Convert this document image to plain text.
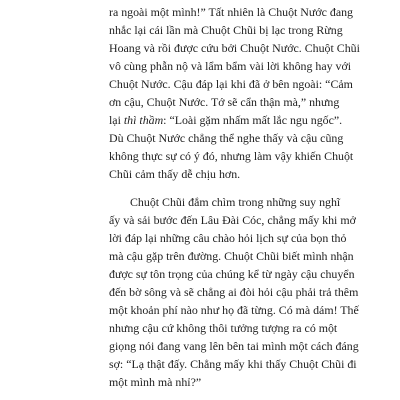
ra ngoài một mình!” Tất nhiên là Chuột Nước đang
nhắc lại cái lần mà Chuột Chũi bị lạc trong Rừng
Hoang và rồi được cứu bởi Chuột Nước. Chuột Chũi
vô cùng phẫn nộ và lẩm bẩm vài lời không hay với
Chuột Nước. Cậu đáp lại khi đã ở bên ngoài: “Cảm
ơn cậu, Chuột Nước. Tớ sẽ cẩn thận mà,” nhưng
lại thì thầm: “Loài gặm nhấm mất lắc ngu ngốc”.
Dù Chuột Nước chẳng thể nghe thấy và cậu cũng
không thực sự có ý đó, nhưng làm vậy khiến Chuột
Chũi cảm thấy dễ chịu hơn.
Chuột Chũi đắm chìm trong những suy nghĩ
ấy và sải bước đến Lâu Đài Cóc, chẳng mấy khi mở
lời đáp lại những câu chào hỏi lịch sự của bọn thỏ
mà cậu gặp trên đường. Chuột Chũi biết mình nhận
được sự tôn trọng của chúng kể từ ngày cậu chuyển
đến bờ sông và sẽ chẳng ai đòi hỏi cậu phải trả thêm
một khoản phí nào như họ đã từng. Có mà dám! Thế
nhưng cậu cứ không thôi tưởng tượng ra có một
giọng nói đang vang lên bên tai mình một cách đáng
sợ: “Lạ thật đấy. Chẳng mấy khi thấy Chuột Chũi đi
một mình mà nhỉ?”
